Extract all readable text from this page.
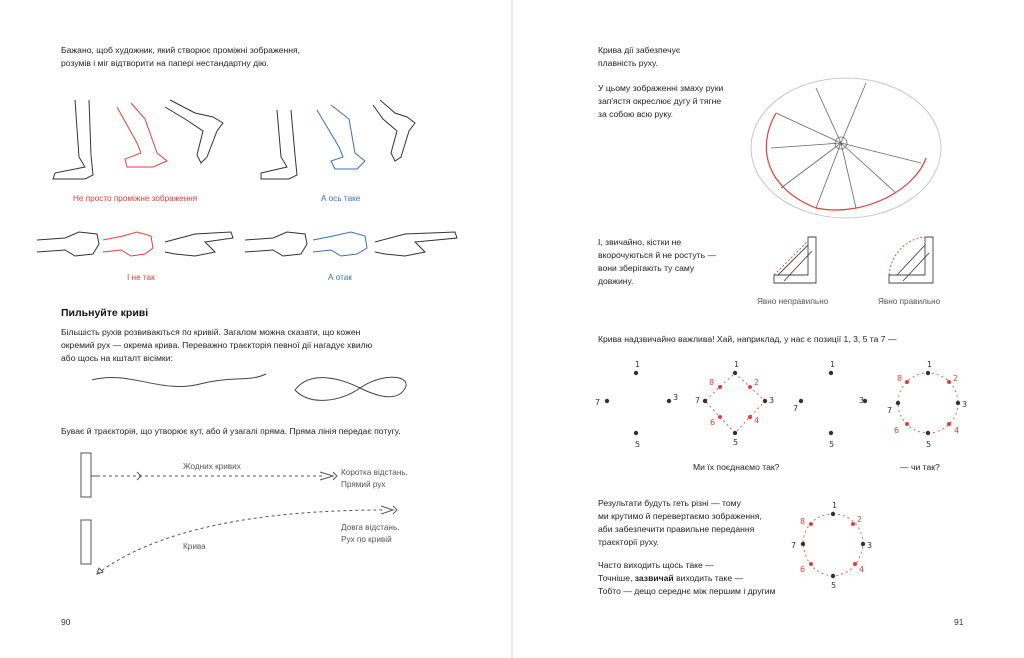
Бажано, щоб художник, який створює проміжні зображення,
розумів і міг відтворити на папері нестандартну дію.
Не просто проміжне зображення	А ось таке
І не так	А отак
Пильнуйте криві
Більшість рухів розвиваються по кривій. Загалом можна сказати, що кожен
окремий рух — окрема крива. Переважно траєкторія певної дії нагадує хвилю
або щось на кшталт вісімки:
Буває й траєкторія, що утворює кут, або й узагалі пряма. Пряма лінія передає потугу.
Жодних кривих
Коротка відстань.
Прямий рух
Довга відстань.
Рух по кривій
Крива
90
Крива дії забезпечує
плавність руху.
У цьому зображенні змаху руки
зап'ястя окреслює дугу й тягне
за собою всю руку.
І, звичайно, кістки не
вкорочуються й не ростуть —
вони зберігають ту саму
довжину.
Явно неправильно	Явно правильно
Крива надзвичайно важлива! Хай, наприклад, у нас є позиції 1, 3, 5 та 7 —
1
3
5
7
1
2
3
4
5
6
7
8
1
3
5
7
1
2
3
4
5
6
7
8
Ми їх поєднаємо так?	— чи так?
Результати будуть геть різні — тому
ми крутимо й перевертаємо зображення,
аби забезпечити правильне передання
траєкторії руху.
Часто виходить щось таке —
Точніше, зазвичай виходить таке —
Тобто — дещо середнє між першим і другим
1
2
3
4
5
6
7
8
91
